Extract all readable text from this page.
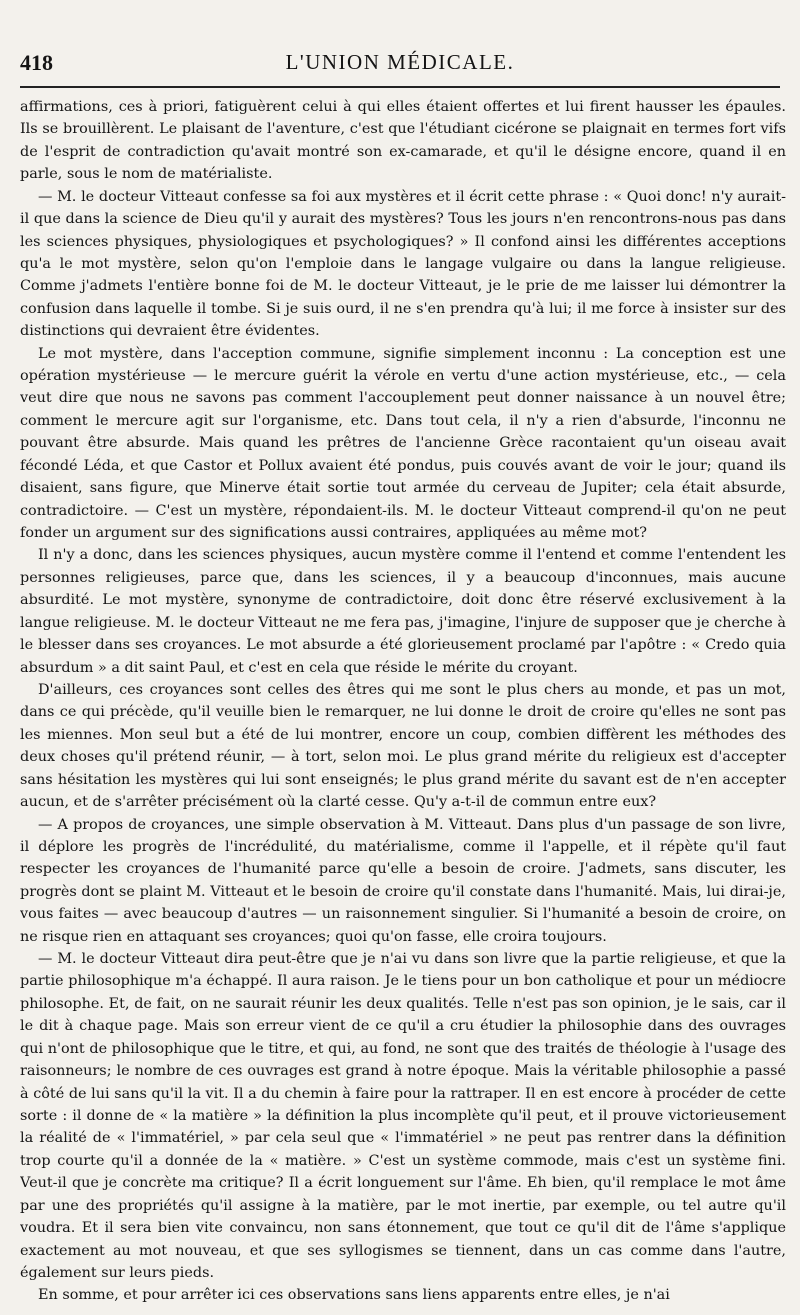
418	L'UNION MÉDICALE.

affirmations, ces à priori, fatiguèrent celui à qui elles étaient offertes et lui firent hausser les épaules. Ils se brouillèrent. Le plaisant de l'aventure, c'est que l'étudiant cicérone se plaignait en termes fort vifs de l'esprit de contradiction qu'avait montré son ex-camarade, et qu'il le désigne encore, quand il en parle, sous le nom de matérialiste.

— M. le docteur Vitteaut confesse sa foi aux mystères et il écrit cette phrase : « Quoi donc! n'y aurait-il que dans la science de Dieu qu'il y aurait des mystères? Tous les jours n'en rencontrons-nous pas dans les sciences physiques, physiologiques et psychologiques? » Il confond ainsi les différentes acceptions qu'a le mot mystère, selon qu'on l'emploie dans le langage vulgaire ou dans la langue religieuse. Comme j'admets l'entière bonne foi de M. le docteur Vitteaut, je le prie de me laisser lui démontrer la confusion dans laquelle il tombe. Si je suis ourd, il ne s'en prendra qu'à lui; il me force à insister sur des distinctions qui devraient être évidentes.

Le mot mystère, dans l'acception commune, signifie simplement inconnu : La conception est une opération mystérieuse — le mercure guérit la vérole en vertu d'une action mystérieuse, etc., — cela veut dire que nous ne savons pas comment l'accouplement peut donner naissance à un nouvel être; comment le mercure agit sur l'organisme, etc. Dans tout cela, il n'y a rien d'absurde, l'inconnu ne pouvant être absurde. Mais quand les prêtres de l'ancienne Grèce racontaient qu'un oiseau avait fécondé Léda, et que Castor et Pollux avaient été pondus, puis couvés avant de voir le jour; quand ils disaient, sans figure, que Minerve était sortie tout armée du cerveau de Jupiter; cela était absurde, contradictoire. — C'est un mystère, répondaient-ils. M. le docteur Vitteaut comprend-il qu'on ne peut fonder un argument sur des significations aussi contraires, appliquées au même mot?

Il n'y a donc, dans les sciences physiques, aucun mystère comme il l'entend et comme l'entendent les personnes religieuses, parce que, dans les sciences, il y a beaucoup d'inconnues, mais aucune absurdité. Le mot mystère, synonyme de contradictoire, doit donc être réservé exclusivement à la langue religieuse. M. le docteur Vitteaut ne me fera pas, j'imagine, l'injure de supposer que je cherche à le blesser dans ses croyances. Le mot absurde a été glorieusement proclamé par l'apôtre : « Credo quia absurdum » a dit saint Paul, et c'est en cela que réside le mérite du croyant.

D'ailleurs, ces croyances sont celles des êtres qui me sont le plus chers au monde, et pas un mot, dans ce qui précède, qu'il veuille bien le remarquer, ne lui donne le droit de croire qu'elles ne sont pas les miennes. Mon seul but a été de lui montrer, encore un coup, combien diffèrent les méthodes des deux choses qu'il prétend réunir, — à tort, selon moi. Le plus grand mérite du religieux est d'accepter sans hésitation les mystères qui lui sont enseignés; le plus grand mérite du savant est de n'en accepter aucun, et de s'arrêter précisément où la clarté cesse. Qu'y a-t-il de commun entre eux?

— A propos de croyances, une simple observation à M. Vitteaut. Dans plus d'un passage de son livre, il déplore les progrès de l'incrédulité, du matérialisme, comme il l'appelle, et il répète qu'il faut respecter les croyances de l'humanité parce qu'elle a besoin de croire. J'admets, sans discuter, les progrès dont se plaint M. Vitteaut et le besoin de croire qu'il constate dans l'humanité. Mais, lui dirai-je, vous faites — avec beaucoup d'autres — un raisonnement singulier. Si l'humanité a besoin de croire, on ne risque rien en attaquant ses croyances; quoi qu'on fasse, elle croira toujours.

— M. le docteur Vitteaut dira peut-être que je n'ai vu dans son livre que la partie religieuse, et que la partie philosophique m'a échappé. Il aura raison. Je le tiens pour un bon catholique et pour un médiocre philosophe. Et, de fait, on ne saurait réunir les deux qualités. Telle n'est pas son opinion, je le sais, car il le dit à chaque page. Mais son erreur vient de ce qu'il a cru étudier la philosophie dans des ouvrages qui n'ont de philosophique que le titre, et qui, au fond, ne sont que des traités de théologie à l'usage des raisonneurs; le nombre de ces ouvrages est grand à notre époque. Mais la véritable philosophie a passé à côté de lui sans qu'il la vit. Il a du chemin à faire pour la rattraper. Il en est encore à procéder de cette sorte : il donne de « la matière » la définition la plus incomplète qu'il peut, et il prouve victorieusement la réalité de « l'immatériel, » par cela seul que « l'immatériel » ne peut pas rentrer dans la définition trop courte qu'il a donnée de la « matière. » C'est un système commode, mais c'est un système fini. Veut-il que je concrète ma critique? Il a écrit longuement sur l'âme. Eh bien, qu'il remplace le mot âme par une des propriétés qu'il assigne à la matière, par le mot inertie, par exemple, ou tel autre qu'il voudra. Et il sera bien vite convaincu, non sans étonnement, que tout ce qu'il dit de l'âme s'applique exactement au mot nouveau, et que ses syllogismes se tiennent, dans un cas comme dans l'autre, également sur leurs pieds.

En somme, et pour arrêter ici ces observations sans liens apparents entre elles, je n'ai
